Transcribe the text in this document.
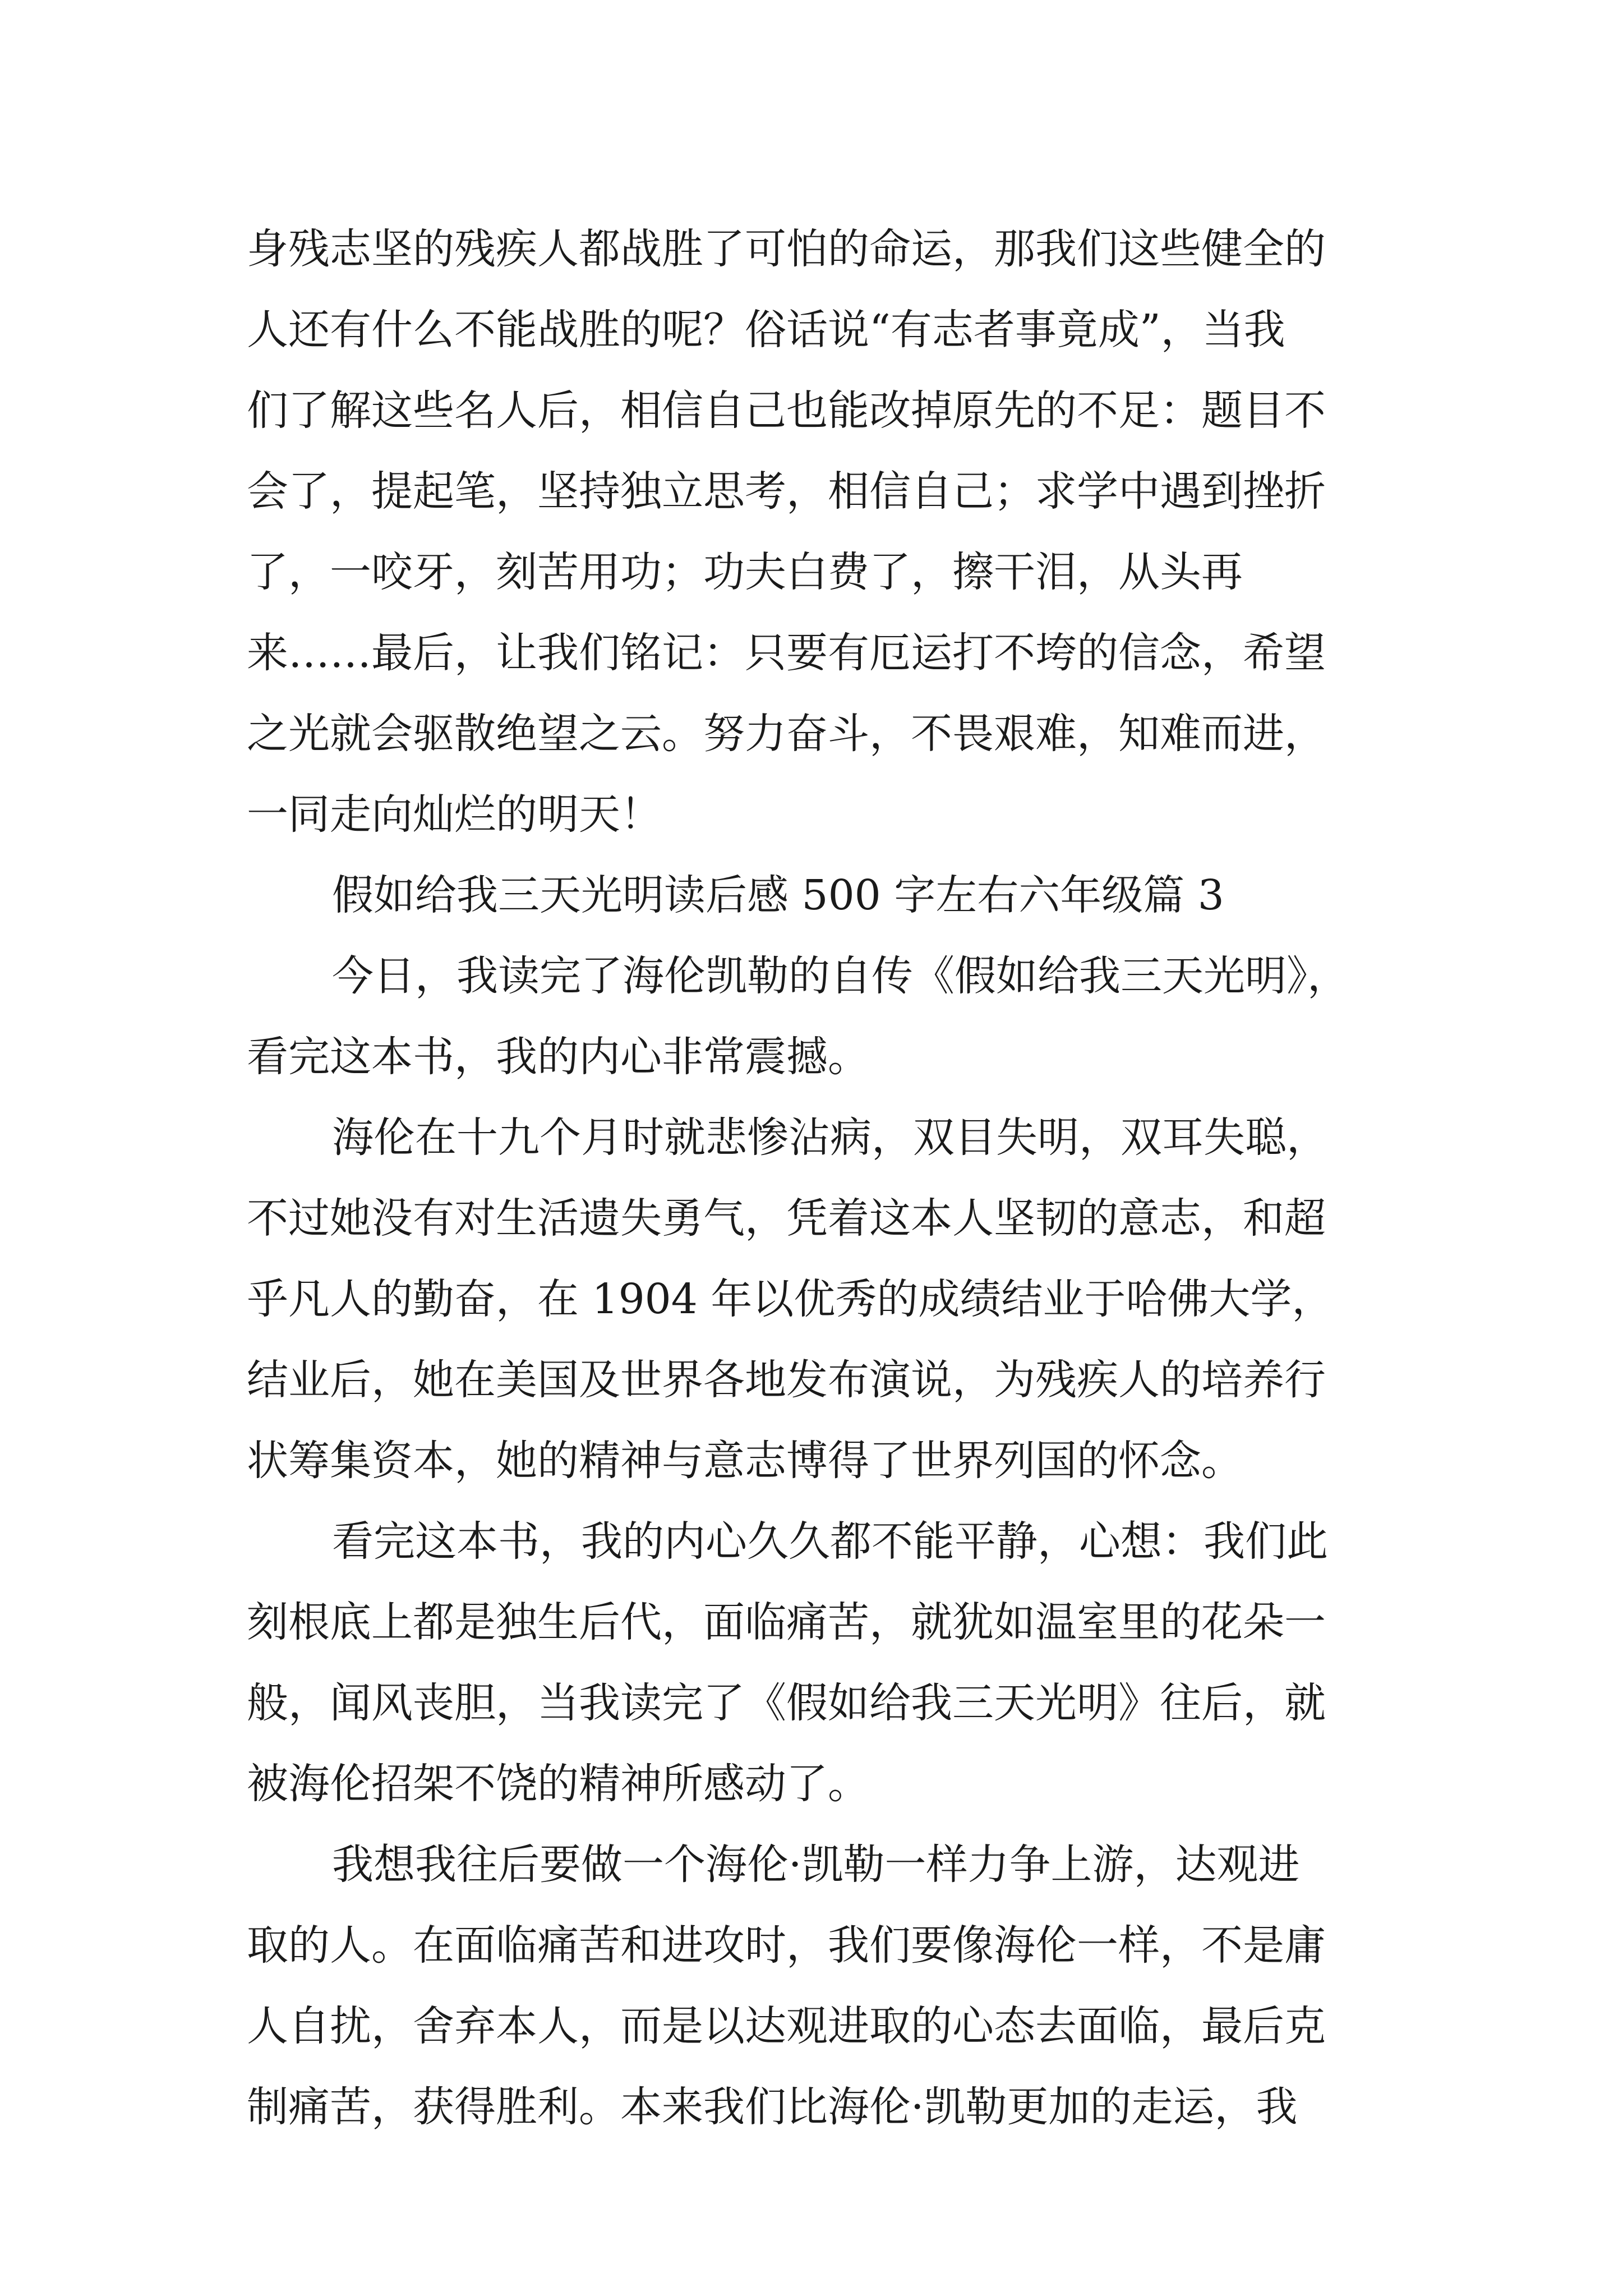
身残志坚的残疾人都战胜了可怕的命运，那我们这些健全的
人还有什么不能战胜的呢？俗话说“有志者事竟成”，当我
们了解这些名人后，相信自己也能改掉原先的不足：题目不
会了，提起笔，坚持独立思考，相信自己；求学中遇到挫折
了，一咬牙，刻苦用功；功夫白费了，擦干泪，从头再
来……最后，让我们铭记：只要有厄运打不垮的信念，希望
之光就会驱散绝望之云。努力奋斗，不畏艰难，知难而进，
一同走向灿烂的明天！
假如给我三天光明读后感 500 字左右六年级篇 3
今日，我读完了海伦凯勒的自传《假如给我三天光明》，
看完这本书，我的内心非常震撼。
海伦在十九个月时就悲惨沾病，双目失明，双耳失聪，
不过她没有对生活遗失勇气，凭着这本人坚韧的意志，和超
乎凡人的勤奋，在 1904 年以优秀的成绩结业于哈佛大学，
结业后，她在美国及世界各地发布演说，为残疾人的培养行
状筹集资本，她的精神与意志博得了世界列国的怀念。
看完这本书，我的内心久久都不能平静，心想：我们此
刻根底上都是独生后代，面临痛苦，就犹如温室里的花朵一
般，闻风丧胆，当我读完了《假如给我三天光明》往后，就
被海伦招架不饶的精神所感动了。
我想我往后要做一个海伦·凯勒一样力争上游，达观进
取的人。在面临痛苦和进攻时，我们要像海伦一样，不是庸
人自扰，舍弃本人，而是以达观进取的心态去面临，最后克
制痛苦，获得胜利。本来我们比海伦·凯勒更加的走运，我
